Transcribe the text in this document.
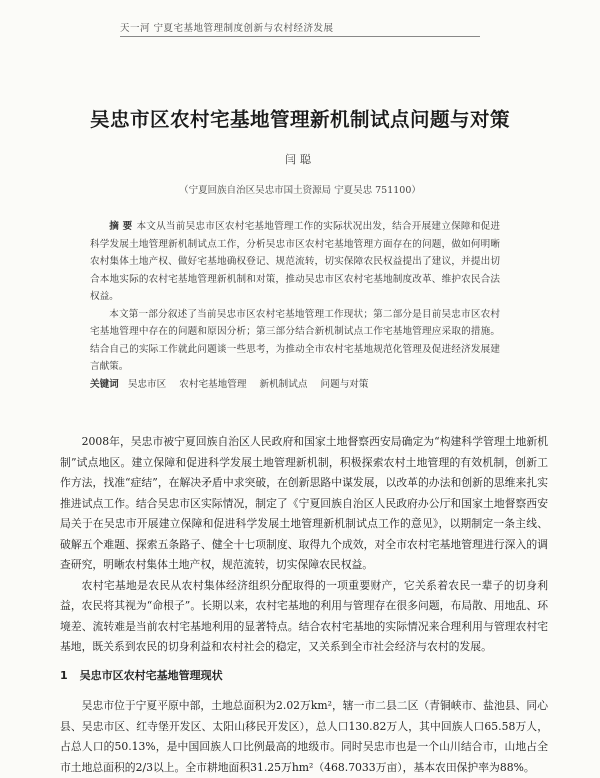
天一河 宁夏宅基地管理制度创新与农村经济发展
吴忠市区农村宅基地管理新机制试点问题与对策
闫聪
（宁夏回族自治区吴忠市国土资源局 宁夏吴忠 751100）

摘 要 本文从当前吴忠市区农村宅基地管理工作的实际状况出发，结合开展建立保障和促进科学发展土地管理新机制试点工作，分析吴忠市区农村宅基地管理方面存在的问题，做如何明晰农村集体土地产权、做好宅基地确权登记、规范流转，切实保障农民权益提出了建议，并提出切合本地实际的农村宅基地管理新机制和对策，推动吴忠市区农村宅基地制度改革、维护农民合法权益。

本文第一部分叙述了当前吴忠市区农村宅基地管理工作现状；第二部分是目前吴忠市区农村宅基地管理中存在的问题和原因分析；第三部分结合新机制试点工作宅基地管理应采取的措施。结合自己的实际工作就此问题谈一些思考，为推动全市农村宅基地规范化管理及促进经济发展建言献策。

关键词 吴忠市区 农村宅基地管理 新机制试点 问题与对策

2008年，吴忠市被宁夏回族自治区人民政府和国家土地督察西安局确定为“构建科学管理土地新机制”试点地区。建立保障和促进科学发展土地管理新机制，积极探索农村土地管理的有效机制，创新工作方法，找准“症结”，在解决矛盾中求突破，在创新思路中谋发展，以改革的办法和创新的思维来扎实推进试点工作。结合吴忠市区实际情况，制定了《宁夏回族自治区人民政府办公厅和国家土地督察西安局关于在吴忠市开展建立保障和促进科学发展土地管理新机制试点工作的意见》，以期制定一条主线、破解五个难题、探索五条路子、健全十七项制度、取得九个成效，对全市农村宅基地管理进行深入的调查研究，明晰农村集体土地产权，规范流转，切实保障农民权益。

农村宅基地是农民从农村集体经济组织分配取得的一项重要财产，它关系着农民一辈子的切身利益，农民将其视为“命根子”。长期以来，农村宅基地的利用与管理存在很多问题，布局散、用地乱、环境差、流转难是当前农村宅基地利用的显著特点。结合农村宅基地的实际情况来合理利用与管理农村宅基地，既关系到农民的切身利益和农村社会的稳定，又关系到全市社会经济与农村的发展。

1 吴忠市区农村宅基地管理现状

吴忠市位于宁夏平原中部，土地总面积为2.02万km²，辖一市二县二区（青铜峡市、盐池县、同心县、吴忠市区、红寺堡开发区、太阳山移民开发区），总人口130.82万人，其中回族人口65.58万人，占总人口的50.13%，是中国回族人口比例最高的地级市。同时吴忠市也是一个山川结合市，山地占全市土地总面积的2/3以上。全市耕地面积31.25万hm²（468.7033万亩），基本农田保护率为88%。
